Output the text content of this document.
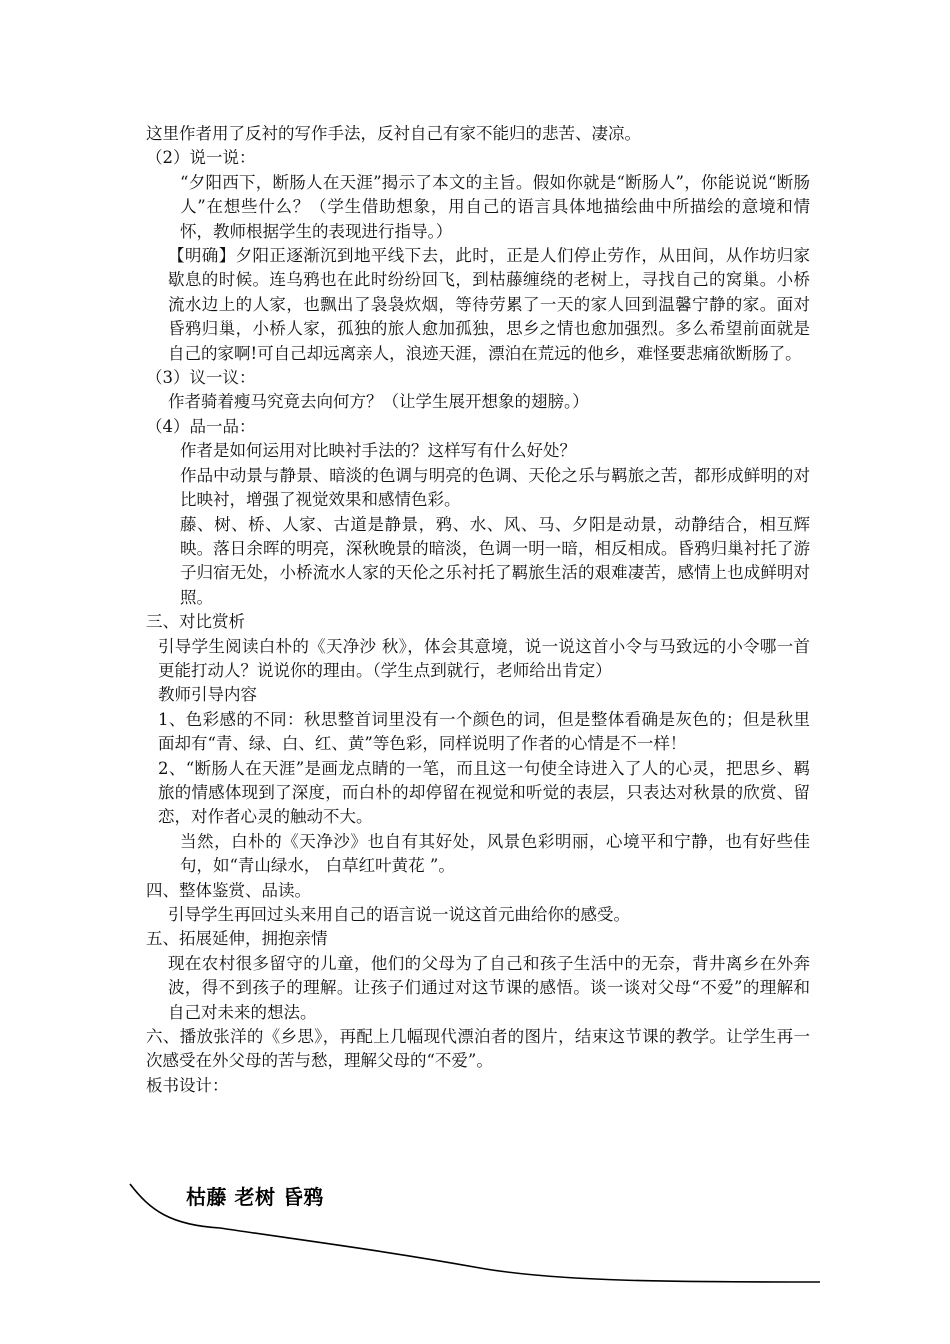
这里作者用了反衬的写作手法，反衬自己有家不能归的悲苦、凄凉。

（2）说一说：

“夕阳西下，断肠人在天涯”揭示了本文的主旨。假如你就是“断肠人”，你能说说“断肠人”在想些什么？（学生借助想象，用自己的语言具体地描绘曲中所描绘的意境和情怀，教师根据学生的表现进行指导。）

【明确】夕阳正逐渐沉到地平线下去，此时，正是人们停止劳作，从田间，从作坊归家歇息的时候。连乌鸦也在此时纷纷回飞，到枯藤缠绕的老树上，寻找自己的窝巢。小桥流水边上的人家，也飘出了袅袅炊烟，等待劳累了一天的家人回到温馨宁静的家。面对昏鸦归巢，小桥人家，孤独的旅人愈加孤独，思乡之情也愈加强烈。多么希望前面就是自己的家啊!可自己却远离亲人，浪迹天涯，漂泊在荒远的他乡，难怪要悲痛欲断肠了。

（3）议一议：

作者骑着瘦马究竟去向何方？（让学生展开想象的翅膀。）

（4）品一品：

作者是如何运用对比映衬手法的？这样写有什么好处？

作品中动景与静景、暗淡的色调与明亮的色调、天伦之乐与羁旅之苦，都形成鲜明的对比映衬，增强了视觉效果和感情色彩。

藤、树、桥、人家、古道是静景，鸦、水、风、马、夕阳是动景，动静结合，相互辉映。落日余晖的明亮，深秋晚景的暗淡，色调一明一暗，相反相成。昏鸦归巢衬托了游子归宿无处，小桥流水人家的天伦之乐衬托了羁旅生活的艰难凄苦，感情上也成鲜明对照。

三、对比赏析

引导学生阅读白朴的《天净沙 秋》，体会其意境，说一说这首小令与马致远的小令哪一首更能打动人？说说你的理由。（学生点到就行，老师给出肯定）

教师引导内容

1、色彩感的不同：秋思整首词里没有一个颜色的词，但是整体看确是灰色的；但是秋里面却有“青、绿、白、红、黄”等色彩，同样说明了作者的心情是不一样！

2、“断肠人在天涯”是画龙点睛的一笔，而且这一句使全诗进入了人的心灵，把思乡、羁旅的情感体现到了深度，而白朴的却停留在视觉和听觉的表层，只表达对秋景的欣赏、留恋，对作者心灵的触动不大。

当然，白朴的《天净沙》也自有其好处，风景色彩明丽，心境平和宁静，也有好些佳句，如“青山绿水， 白草红叶黄花 ”。

四、整体鉴赏、品读。

引导学生再回过头来用自己的语言说一说这首元曲给你的感受。

五、拓展延伸，拥抱亲情

现在农村很多留守的儿童，他们的父母为了自己和孩子生活中的无奈，背井离乡在外奔波，得不到孩子的理解。让孩子们通过对这节课的感悟。谈一谈对父母“不爱”的理解和自己对未来的想法。

六、播放张洋的《乡思》，再配上几幅现代漂泊者的图片，结束这节课的教学。让学生再一次感受在外父母的苦与愁，理解父母的“不爱”。

板书设计：

枯藤 老树 昏鸦
